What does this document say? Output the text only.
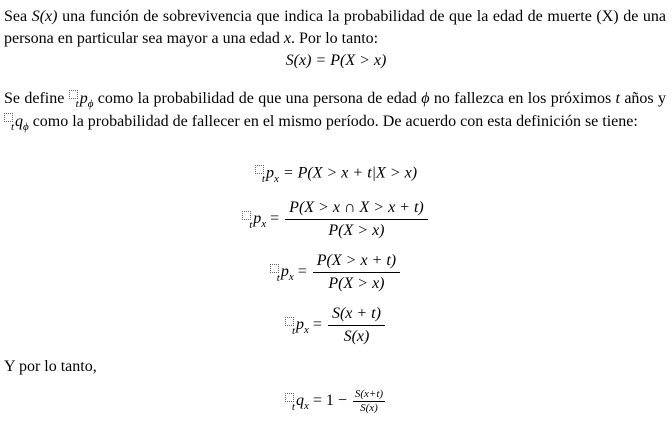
Sea S(x) una función de sobrevivencia que indica la probabilidad de que la edad de muerte (X) de una persona en particular sea mayor a una edad x. Por lo tanto:
S(x) = P(X > x)
Se define t $p_\phi$ como la probabilidad de que una persona de edad ϕ no fallezca en los próximos t años y
t $q_\phi$ como la probabilidad de fallecer en el mismo período. De acuerdo con esta definición se tiene:
t $p_x = P(X > x + t|X > x)$
t $p_x = \frac{P(X > x \cap X > x + t)}{P(X > x)}$
t $p_x = \frac{P(X > x + t)}{P(X > x)}$
t $p_x = \frac{S(x + t)}{S(x)}$
Y por lo tanto,
t $q_x = 1 - \frac{S(x+t)}{S(x)}$
